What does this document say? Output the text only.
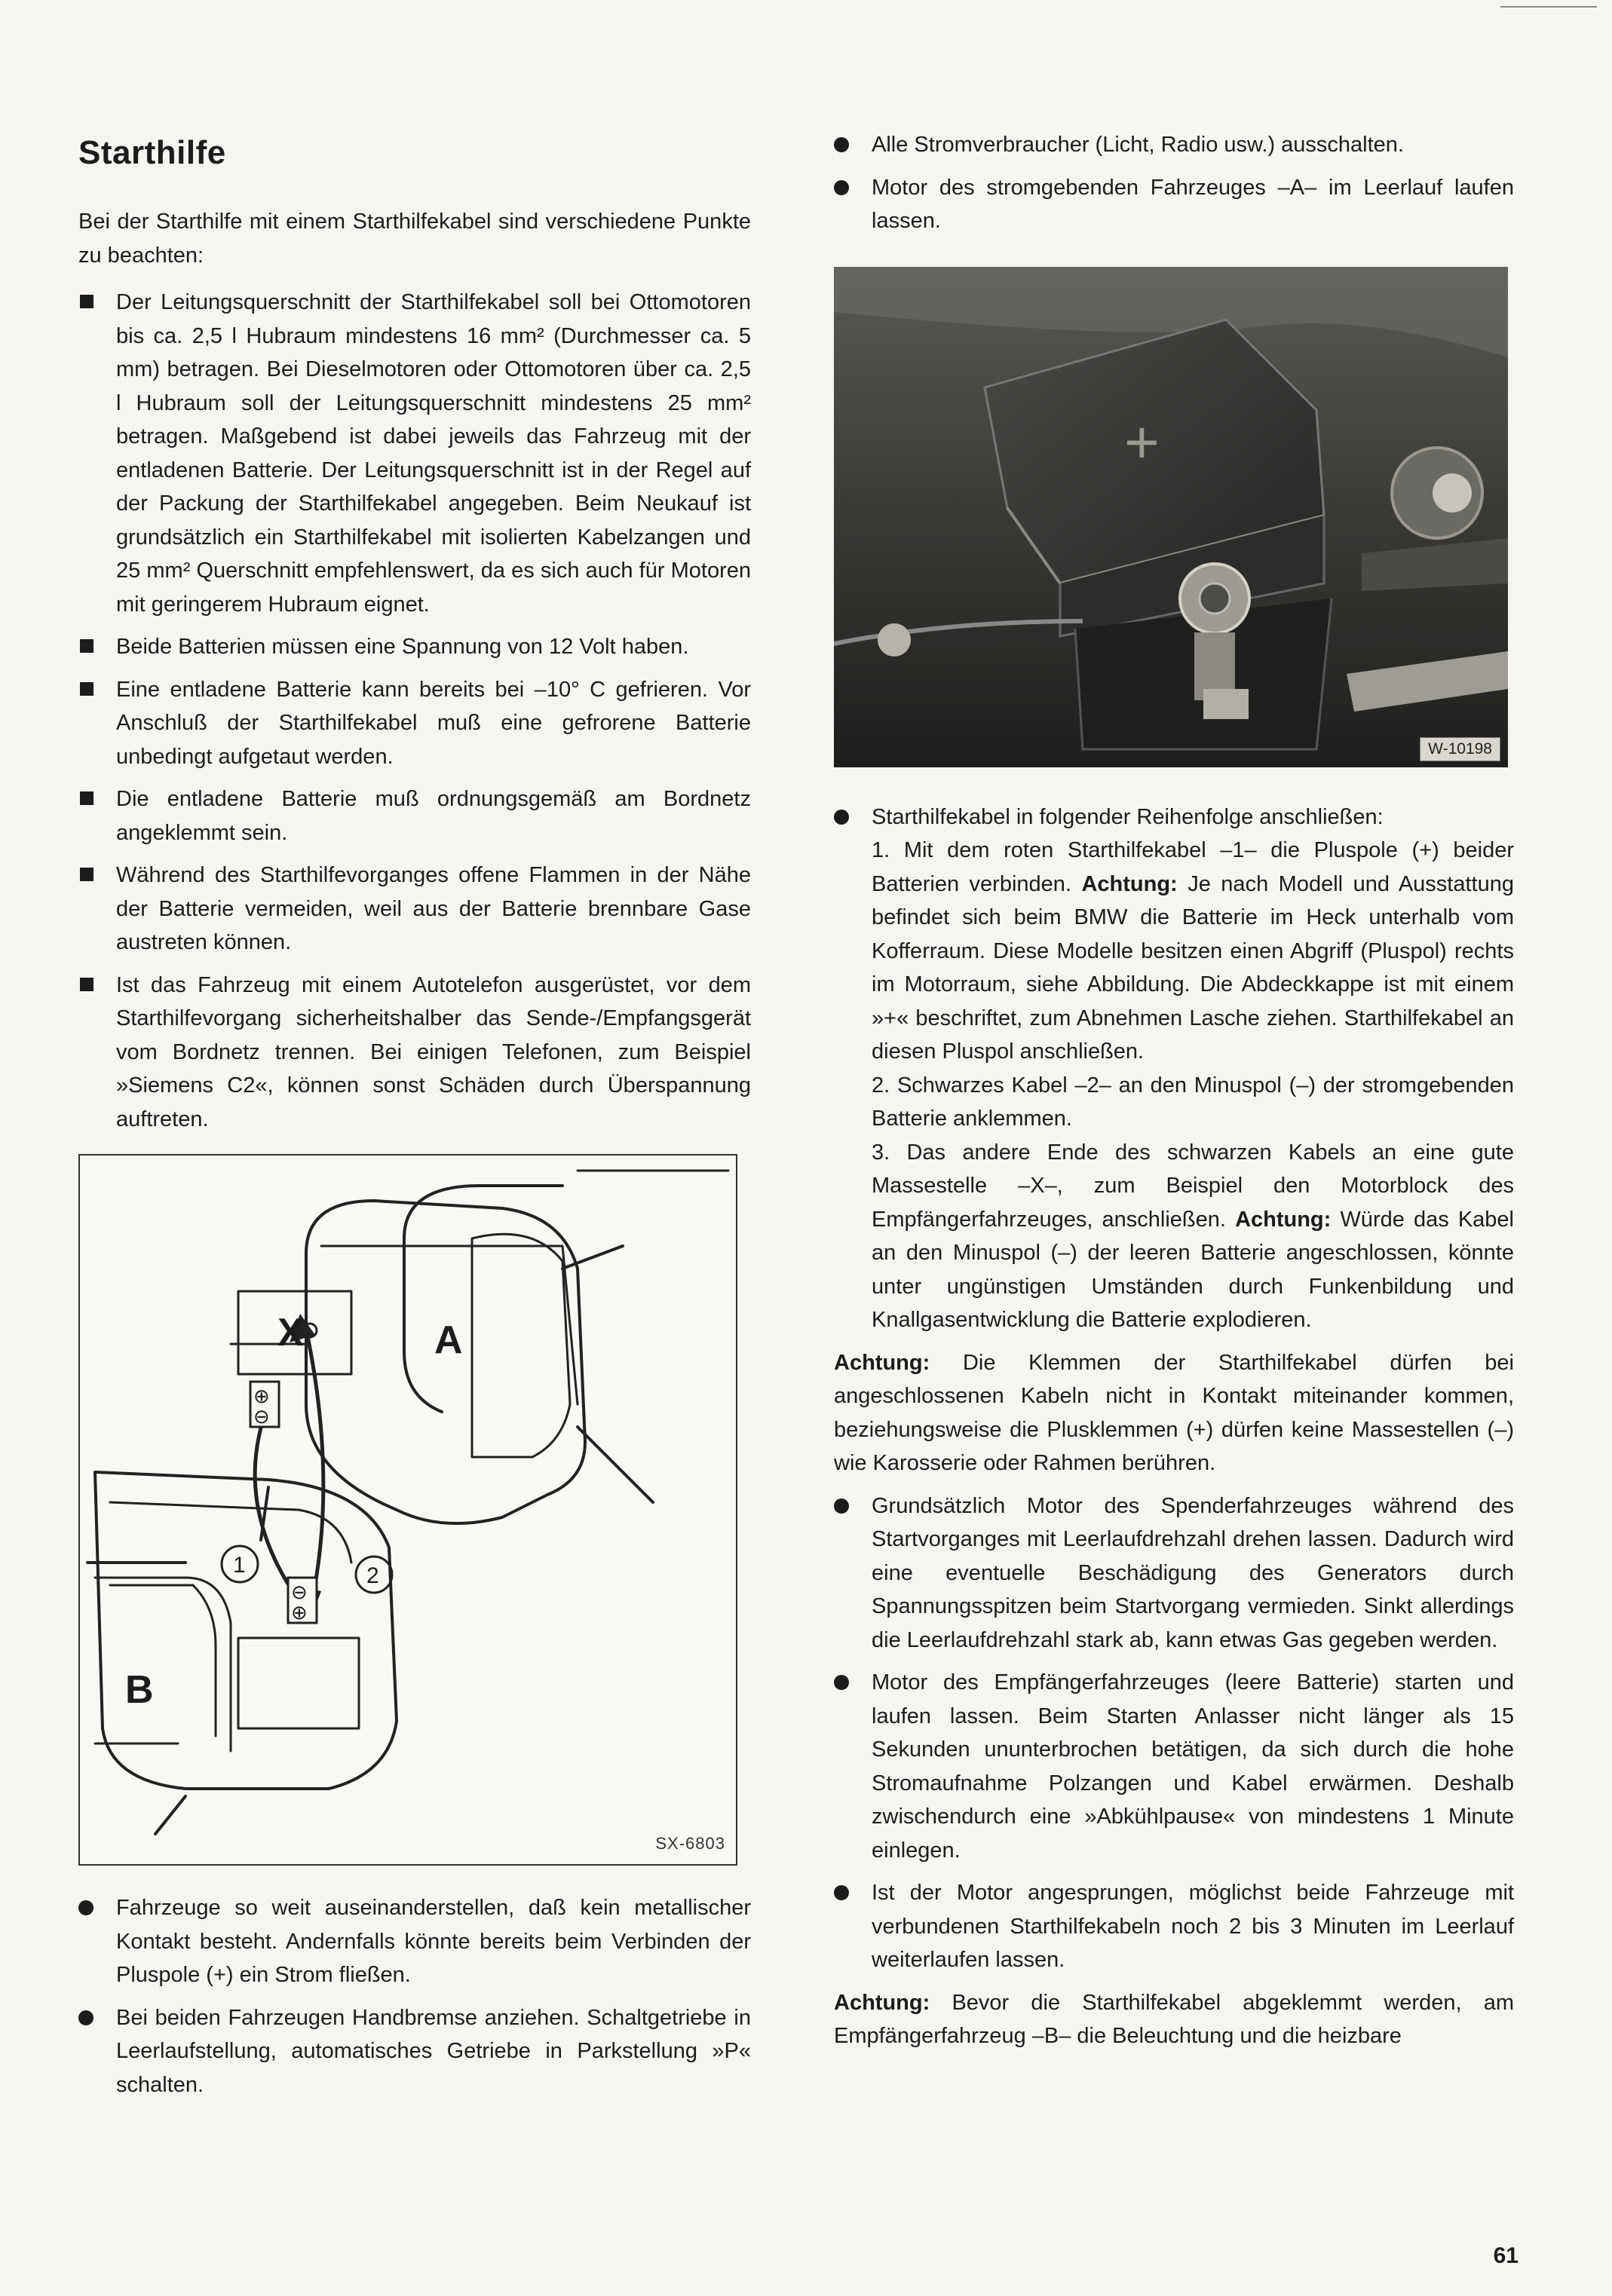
Starthilfe

Bei der Starthilfe mit einem Starthilfekabel sind verschiedene Punkte zu beachten:

Der Leitungsquerschnitt der Starthilfekabel soll bei Ottomotoren bis ca. 2,5 l Hubraum mindestens 16 mm² (Durchmesser ca. 5 mm) betragen. Bei Dieselmotoren oder Ottomotoren über ca. 2,5 l Hubraum soll der Leitungsquerschnitt mindestens 25 mm² betragen. Maßgebend ist dabei jeweils das Fahrzeug mit der entladenen Batterie. Der Leitungsquerschnitt ist in der Regel auf der Packung der Starthilfekabel angegeben. Beim Neukauf ist grundsätzlich ein Starthilfekabel mit isolierten Kabelzangen und 25 mm² Querschnitt empfehlenswert, da es sich auch für Motoren mit geringerem Hubraum eignet.
Beide Batterien müssen eine Spannung von 12 Volt haben.
Eine entladene Batterie kann bereits bei –10° C gefrieren. Vor Anschluß der Starthilfekabel muß eine gefrorene Batterie unbedingt aufgetaut werden.
Die entladene Batterie muß ordnungsgemäß am Bordnetz angeklemmt sein.
Während des Starthilfevorganges offene Flammen in der Nähe der Batterie vermeiden, weil aus der Batterie brennbare Gase austreten können.
Ist das Fahrzeug mit einem Autotelefon ausgerüstet, vor dem Starthilfevorgang sicherheitshalber das Sende-/Empfangsgerät vom Bordnetz trennen. Bei einigen Telefonen, zum Beispiel »Siemens C2«, können sonst Schäden durch Überspannung auftreten.
X	A
B
1	2
⊕
⊖
⊖
⊕
SX-6803
Fahrzeuge so weit auseinanderstellen, daß kein metallischer Kontakt besteht. Andernfalls könnte bereits beim Verbinden der Pluspole (+) ein Strom fließen.
Bei beiden Fahrzeugen Handbremse anziehen. Schaltgetriebe in Leerlaufstellung, automatisches Getriebe in Parkstellung »P« schalten.
Alle Stromverbraucher (Licht, Radio usw.) ausschalten.
Motor des stromgebenden Fahrzeuges –A– im Leerlauf laufen lassen.
+
W-10198
Starthilfekabel in folgender Reihenfolge anschließen:
1. Mit dem roten Starthilfekabel –1– die Pluspole (+) beider Batterien verbinden. Achtung: Je nach Modell und Ausstattung befindet sich beim BMW die Batterie im Heck unterhalb vom Kofferraum. Diese Modelle besitzen einen Abgriff (Pluspol) rechts im Motorraum, siehe Abbildung. Die Abdeckkappe ist mit einem »+« beschriftet, zum Abnehmen Lasche ziehen. Starthilfekabel an diesen Pluspol anschließen.
2. Schwarzes Kabel –2– an den Minuspol (–) der stromgebenden Batterie anklemmen.
3. Das andere Ende des schwarzen Kabels an eine gute Massestelle –X–, zum Beispiel den Motorblock des Empfängerfahrzeuges, anschließen. Achtung: Würde das Kabel an den Minuspol (–) der leeren Batterie angeschlossen, könnte unter ungünstigen Umständen durch Funkenbildung und Knallgasentwicklung die Batterie explodieren.

Achtung: Die Klemmen der Starthilfekabel dürfen bei angeschlossenen Kabeln nicht in Kontakt miteinander kommen, beziehungsweise die Plusklemmen (+) dürfen keine Massestellen (–) wie Karosserie oder Rahmen berühren.

Grundsätzlich Motor des Spenderfahrzeuges während des Startvorganges mit Leerlaufdrehzahl drehen lassen. Dadurch wird eine eventuelle Beschädigung des Generators durch Spannungsspitzen beim Startvorgang vermieden. Sinkt allerdings die Leerlaufdrehzahl stark ab, kann etwas Gas gegeben werden.
Motor des Empfängerfahrzeuges (leere Batterie) starten und laufen lassen. Beim Starten Anlasser nicht länger als 15 Sekunden ununterbrochen betätigen, da sich durch die hohe Stromaufnahme Polzangen und Kabel erwärmen. Deshalb zwischendurch eine »Abkühlpause« von mindestens 1 Minute einlegen.
Ist der Motor angesprungen, möglichst beide Fahrzeuge mit verbundenen Starthilfekabeln noch 2 bis 3 Minuten im Leerlauf weiterlaufen lassen.

Achtung: Bevor die Starthilfekabel abgeklemmt werden, am Empfängerfahrzeug –B– die Beleuchtung und die heizbare

61
